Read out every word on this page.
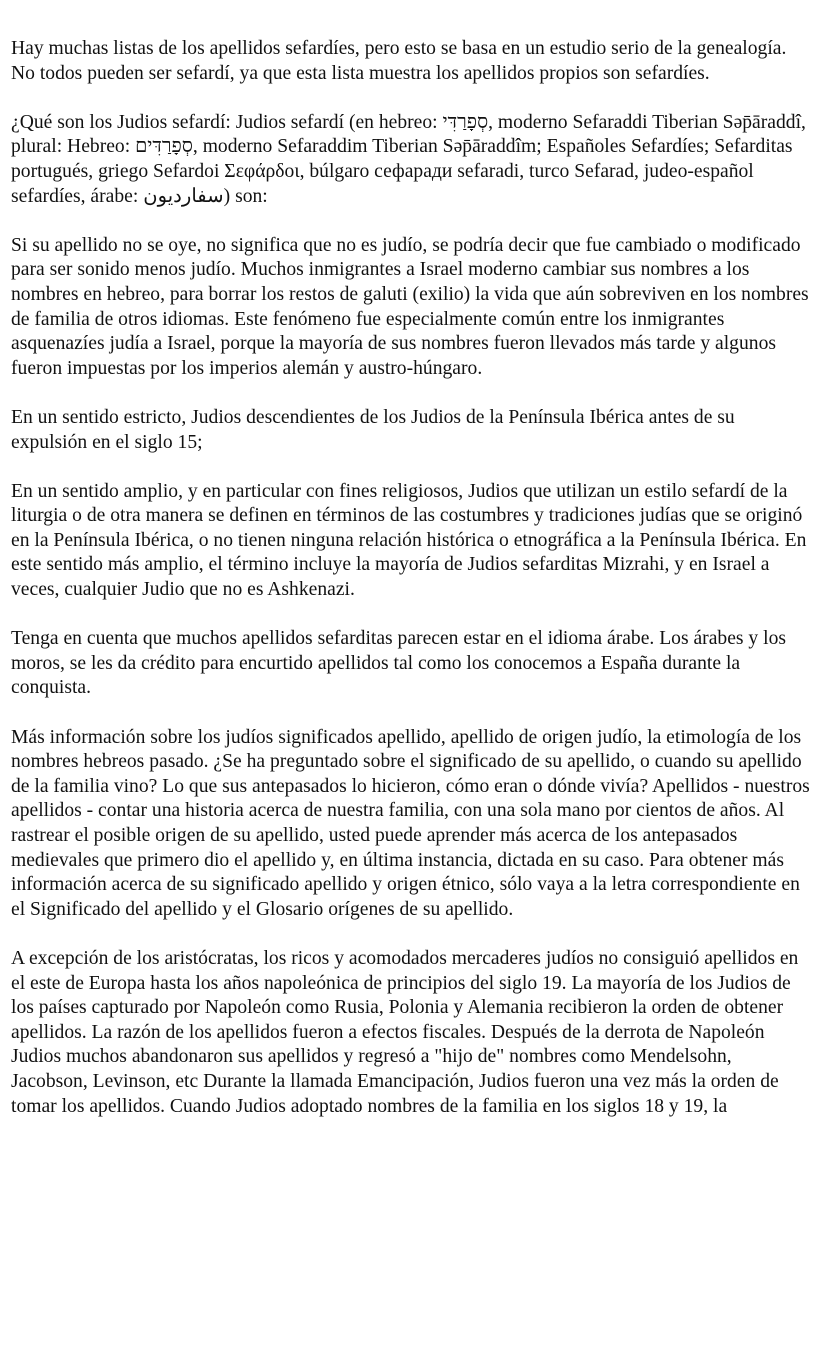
Hay muchas listas de los apellidos sefardíes, pero esto se basa en un estudio serio de la genealogía. No todos pueden ser sefardí, ya que esta lista muestra los apellidos propios son sefardíes.

¿Qué son los Judios sefardí: Judios sefardí (en hebreo: סְפָרַדִּי, moderno Sefaraddi Tiberian Səp̄āraddî, plural: Hebreo: סְפָרַדִּים, moderno Sefaraddim Tiberian Səp̄āraddîm; Españoles Sefardíes; Sefarditas portugués, griego Sefardoi Σεφάρδοι, búlgaro сефаради sefaradi, turco Sefarad, judeo-español sefardíes, árabe: سفارديون) son:

Si su apellido no se oye, no significa que no es judío, se podría decir que fue cambiado o modificado para ser sonido menos judío. Muchos inmigrantes a Israel moderno cambiar sus nombres a los nombres en hebreo, para borrar los restos de galuti (exilio) la vida que aún sobreviven en los nombres de familia de otros idiomas. Este fenómeno fue especialmente común entre los inmigrantes asquenazíes judía a Israel, porque la mayoría de sus nombres fueron llevados más tarde y algunos fueron impuestas por los imperios alemán y austro-húngaro.

En un sentido estricto, Judios descendientes de los Judios de la Península Ibérica antes de su expulsión en el siglo 15;

En un sentido amplio, y en particular con fines religiosos, Judios que utilizan un estilo sefardí de la liturgia o de otra manera se definen en términos de las costumbres y tradiciones judías que se originó en la Península Ibérica, o no tienen ninguna relación histórica o etnográfica a la Península Ibérica. En este sentido más amplio, el término incluye la mayoría de Judios sefarditas Mizrahi, y en Israel a veces, cualquier Judio que no es Ashkenazi.

Tenga en cuenta que muchos apellidos sefarditas parecen estar en el idioma árabe. Los árabes y los moros, se les da crédito para encurtido apellidos tal como los conocemos a España durante la conquista.

Más información sobre los judíos significados apellido, apellido de origen judío, la etimología de los nombres hebreos pasado. ¿Se ha preguntado sobre el significado de su apellido, o cuando su apellido de la familia vino? Lo que sus antepasados lo hicieron, cómo eran o dónde vivía? Apellidos - nuestros apellidos - contar una historia acerca de nuestra familia, con una sola mano por cientos de años. Al rastrear el posible origen de su apellido, usted puede aprender más acerca de los antepasados medievales que primero dio el apellido y, en última instancia, dictada en su caso. Para obtener más información acerca de su significado apellido y origen étnico, sólo vaya a la letra correspondiente en el Significado del apellido y el Glosario orígenes de su apellido.

A excepción de los aristócratas, los ricos y acomodados mercaderes judíos no consiguió apellidos en el este de Europa hasta los años napoleónica de principios del siglo 19. La mayoría de los Judios de los países capturado por Napoleón como Rusia, Polonia y Alemania recibieron la orden de obtener apellidos. La razón de los apellidos fueron a efectos fiscales. Después de la derrota de Napoleón Judios muchos abandonaron sus apellidos y regresó a "hijo de" nombres como Mendelsohn, Jacobson, Levinson, etc Durante la llamada Emancipación, Judios fueron una vez más la orden de tomar los apellidos. Cuando Judios adoptado nombres de la familia en los siglos 18 y 19, la
